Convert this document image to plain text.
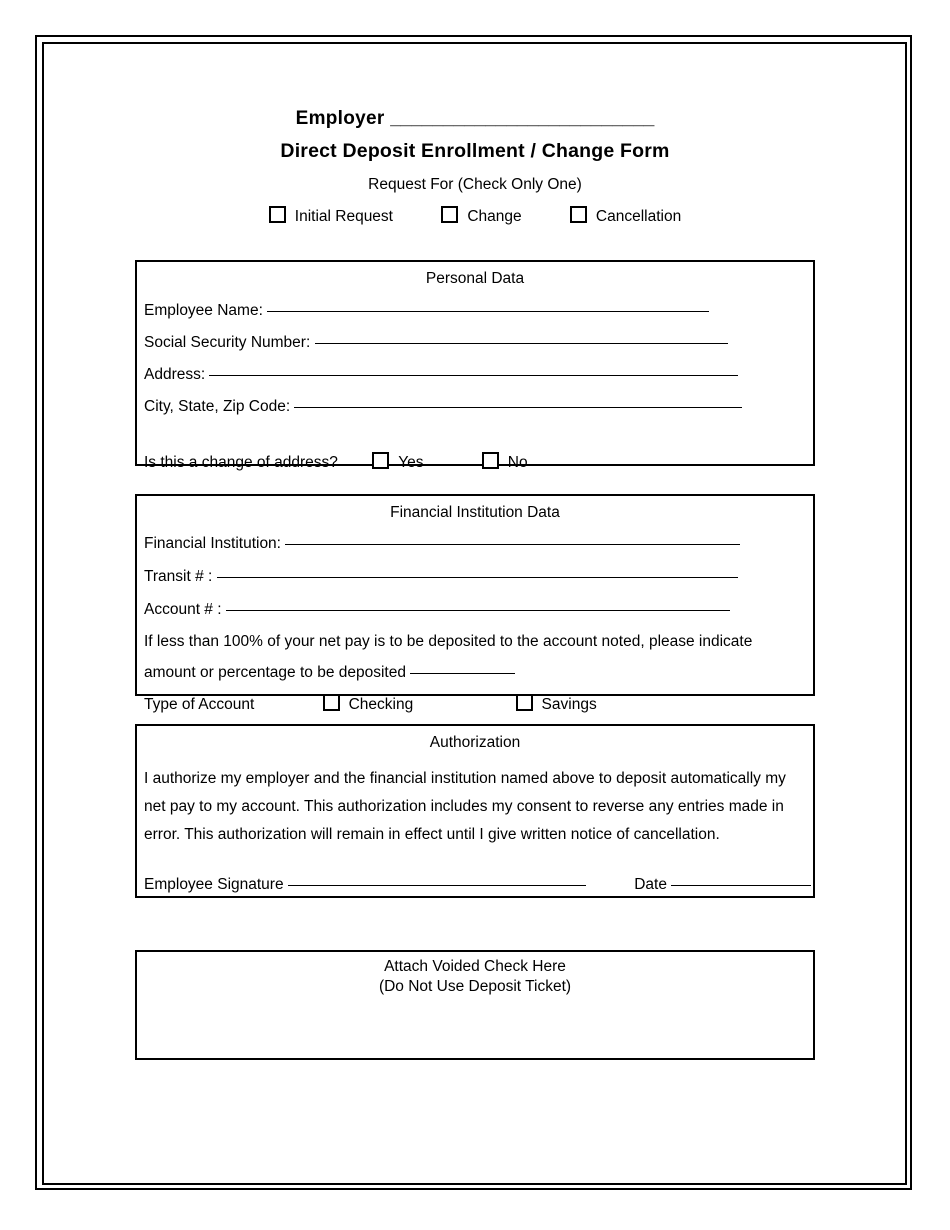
Employer _________________________
Direct Deposit Enrollment / Change Form
Request For (Check Only One)
Initial Request	Change	Cancellation
Personal Data
Employee Name:
Social Security Number:
Address:
City, State, Zip Code:
Is this a change of address?	Yes	No
Financial Institution Data
Financial Institution:
Transit # :
Account # :
If less than 100% of your net pay is to be deposited to the account noted, please indicate
amount or percentage to be deposited
Type of Account	Checking	Savings
Authorization
I authorize my employer and the financial institution named above to deposit automatically my net pay to my account. This authorization includes my consent to reverse any entries made in error. This authorization will remain in effect until I give written notice of cancellation.
Employee Signature	Date
Attach Voided Check Here
(Do Not Use Deposit Ticket)
